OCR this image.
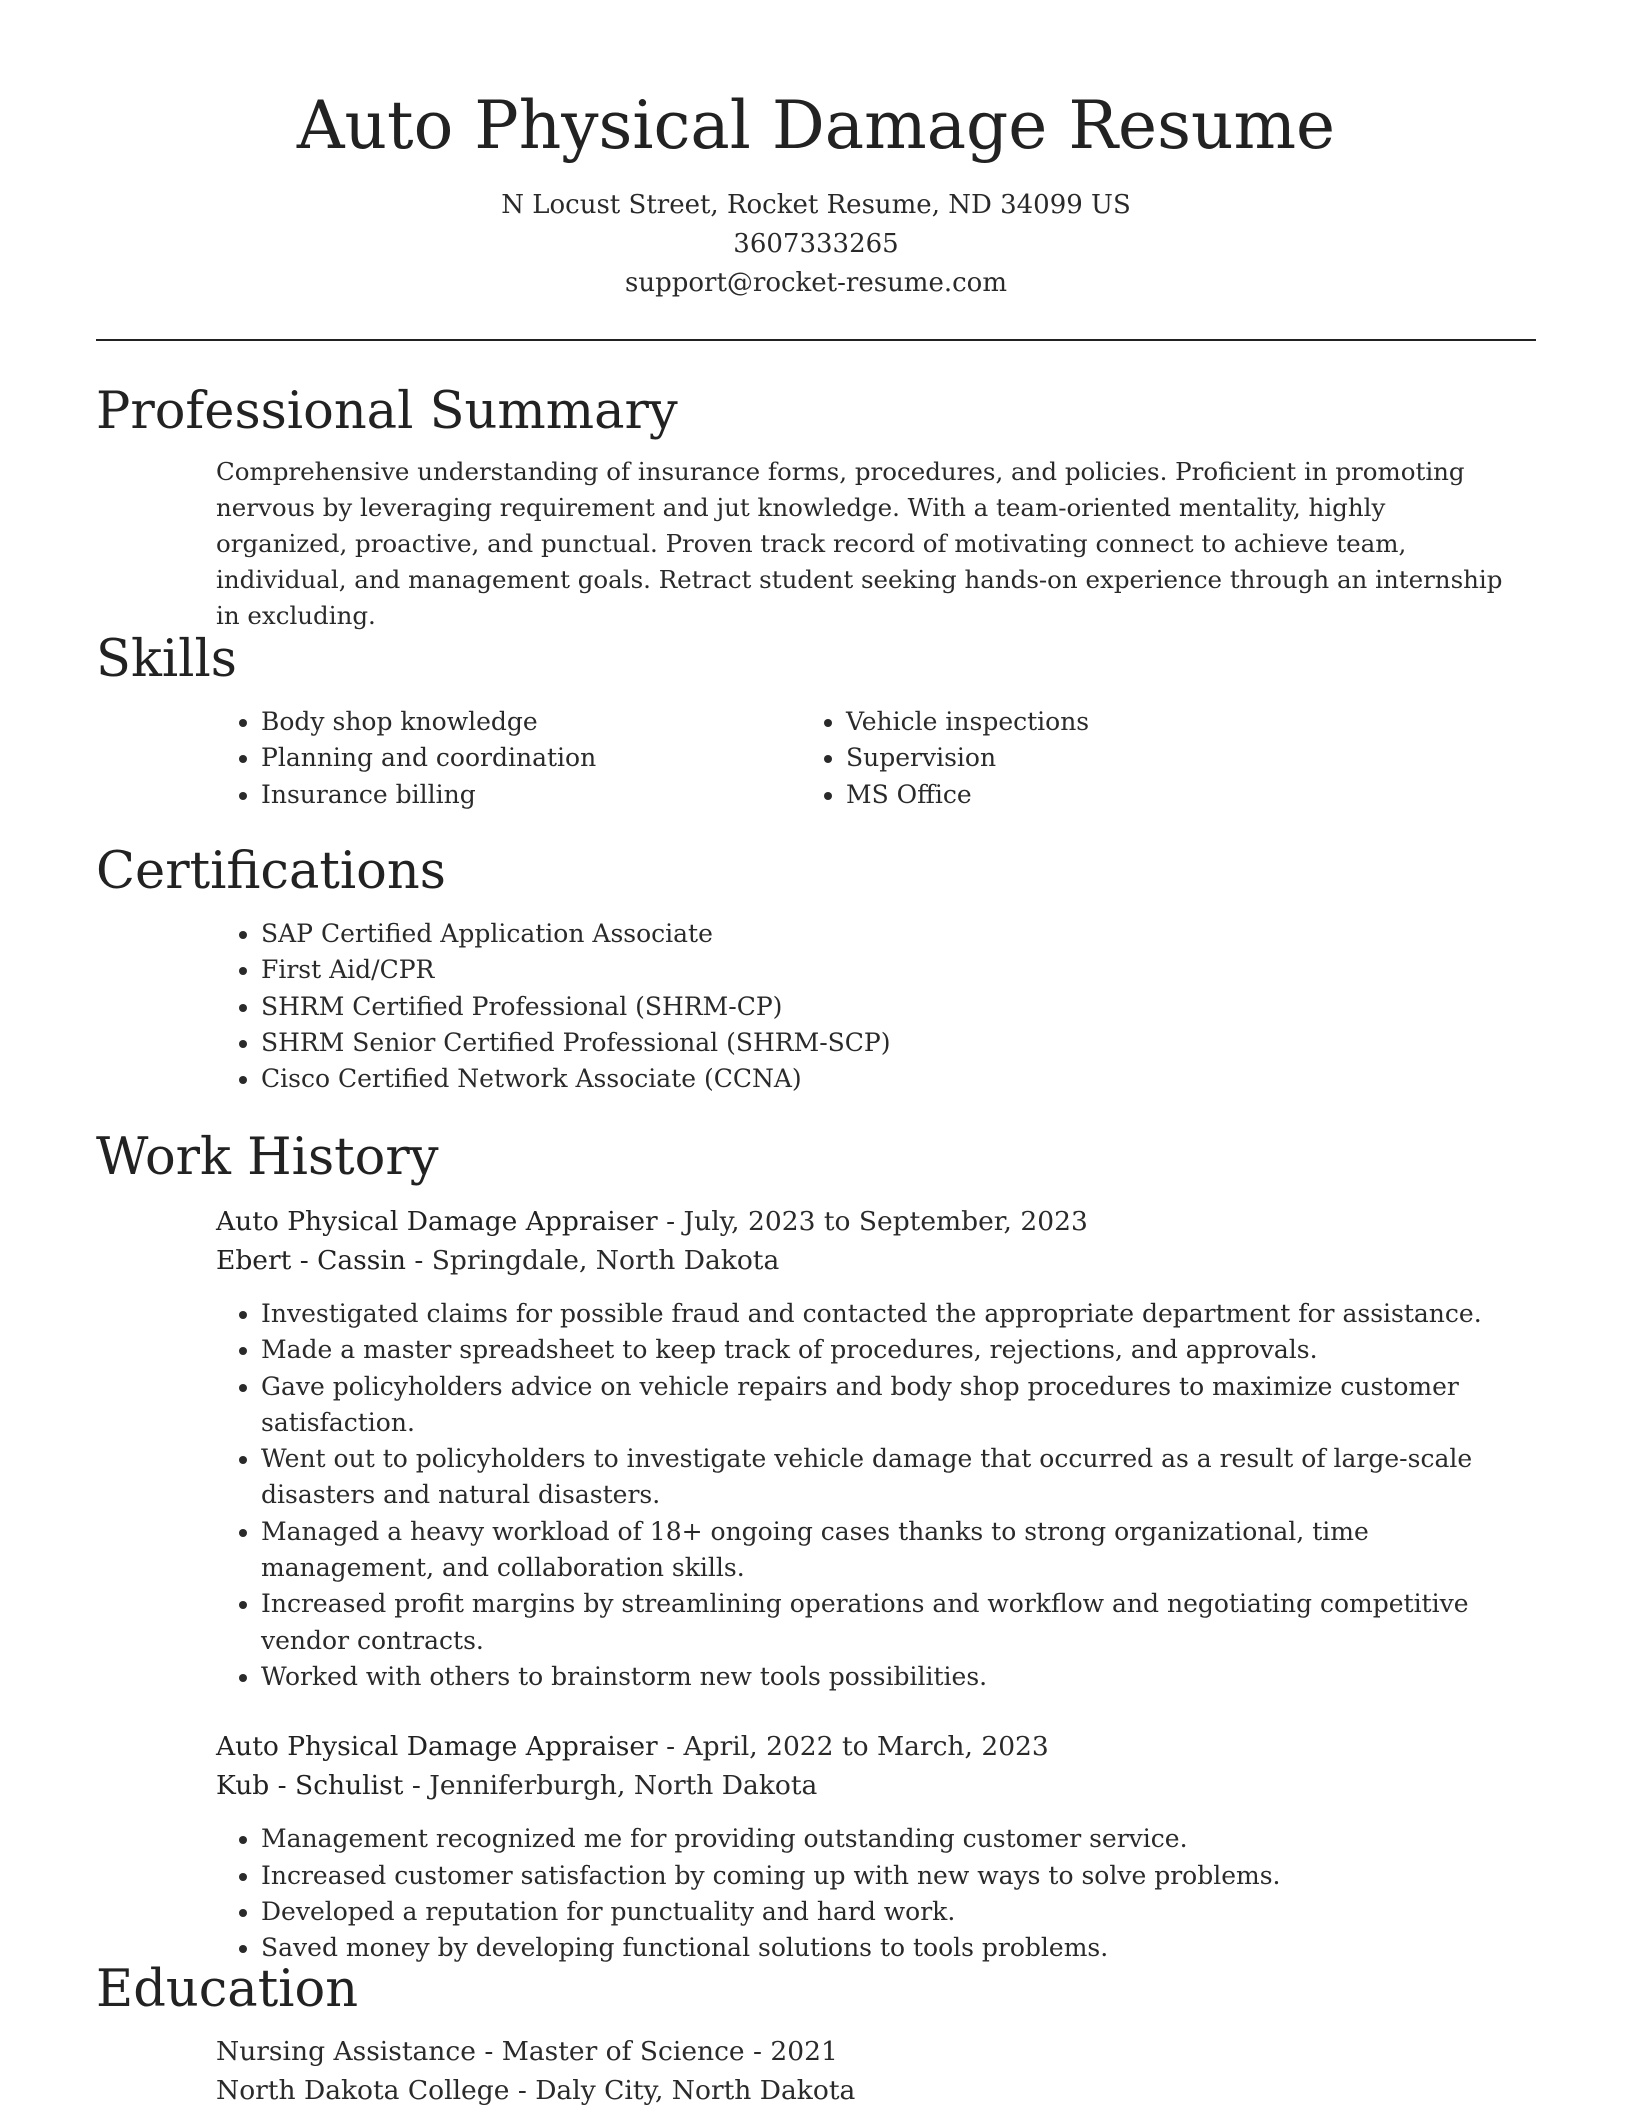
Auto Physical Damage Resume
N Locust Street, Rocket Resume, ND 34099 US
3607333265
support@rocket-resume.com
Professional Summary

Comprehensive understanding of insurance forms, procedures, and policies. Proficient in promoting nervous by leveraging requirement and jut knowledge. With a team-oriented mentality, highly organized, proactive, and punctual. Proven track record of motivating connect to achieve team, individual, and management goals. Retract student seeking hands-on experience through an internship in excluding.

Skills
• Body shop knowledge
• Planning and coordination
• Insurance billing
• Vehicle inspections
• Supervision
• MS Office
Certifications
• SAP Certified Application Associate
• First Aid/CPR
• SHRM Certified Professional (SHRM-CP)
• SHRM Senior Certified Professional (SHRM-SCP)
• Cisco Certified Network Associate (CCNA)
Work History
Auto Physical Damage Appraiser - July, 2023 to September, 2023
Ebert - Cassin - Springdale, North Dakota
• Investigated claims for possible fraud and contacted the appropriate department for assistance.
• Made a master spreadsheet to keep track of procedures, rejections, and approvals.
• Gave policyholders advice on vehicle repairs and body shop procedures to maximize customer satisfaction.
• Went out to policyholders to investigate vehicle damage that occurred as a result of large-scale disasters and natural disasters.
• Managed a heavy workload of 18+ ongoing cases thanks to strong organizational, time management, and collaboration skills.
• Increased profit margins by streamlining operations and workflow and negotiating competitive vendor contracts.
• Worked with others to brainstorm new tools possibilities.
Auto Physical Damage Appraiser - April, 2022 to March, 2023
Kub - Schulist - Jenniferburgh, North Dakota
• Management recognized me for providing outstanding customer service.
• Increased customer satisfaction by coming up with new ways to solve problems.
• Developed a reputation for punctuality and hard work.
• Saved money by developing functional solutions to tools problems.
Education
Nursing Assistance - Master of Science - 2021
North Dakota College - Daly City, North Dakota
